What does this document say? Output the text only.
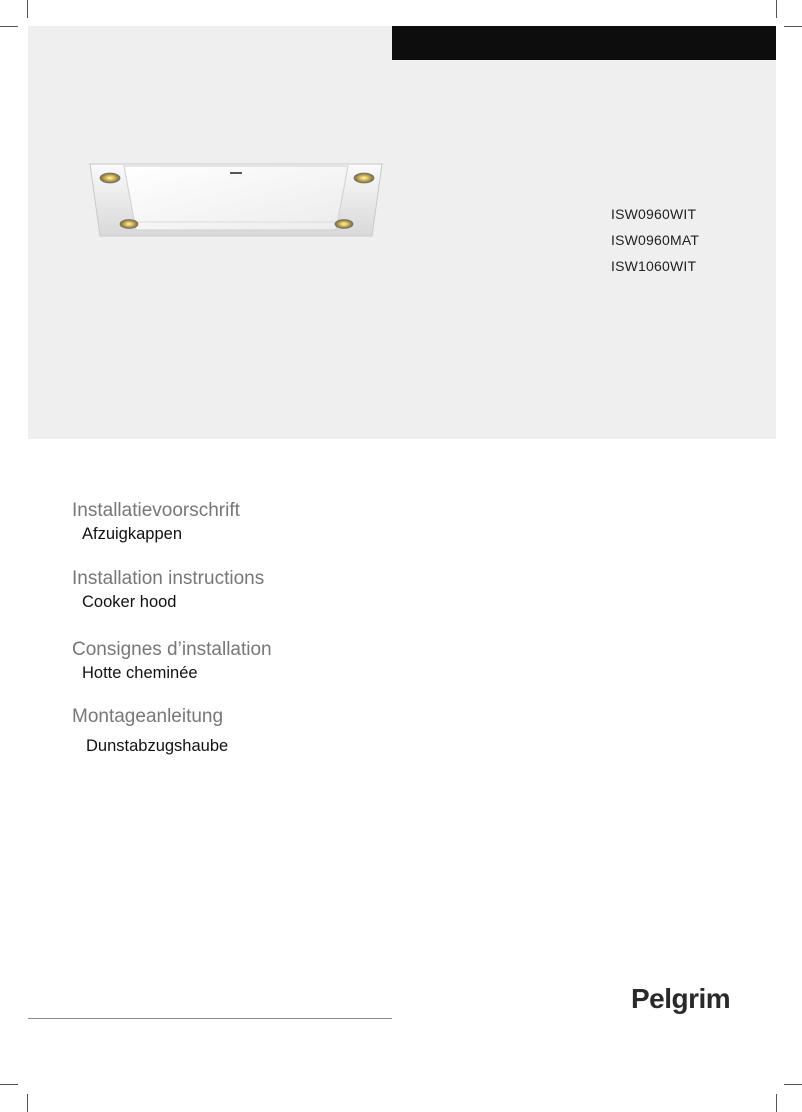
ISW0960WIT
ISW0960MAT
ISW1060WIT
Installatievoorschrift
Afzuigkappen
Installation instructions
Cooker hood
Consignes d’installation
Hotte cheminée
Montageanleitung
Dunstabzugshaube
Pelgrim
